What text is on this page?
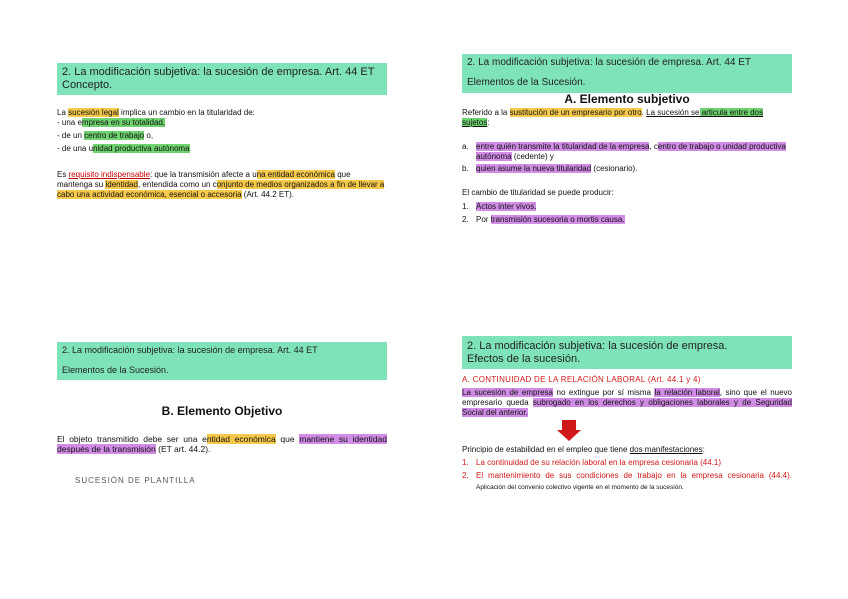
2. La modificación subjetiva: la sucesión de empresa. Art. 44 ET
Concepto.

La sucesión legal implica un cambio en la titularidad de:

- una empresa en su totalidad,

- de un centro de trabajo o,

- de una unidad productiva autónoma

Es requisito indispensable: que la transmisión afecte a una entidad económica que mantenga su identidad, entendida como un conjunto de medios organizados a fin de llevar a cabo una actividad económica, esencial o accesoria (Art. 44.2 ET).

2. La modificación subjetiva: la sucesión de empresa. Art. 44 ET
Elementos de la Sucesión.
A. Elemento subjetivo

Referido a la sustitución de un empresario por otro. La sucesión se articula entre dos sujetos:

a. entre quién transmite la titularidad de la empresa, centro de trabajo o unidad productiva autónoma (cedente) y

b. quien asume la nueva titularidad (cesionario).

El cambio de titularidad se puede producir:

1. Actos inter vivos.

2. Por transmisión sucesoria o mortis causa.

2. La modificación subjetiva: la sucesión de empresa. Art. 44 ET
Elementos de la Sucesión.
B. Elemento Objetivo

El objeto transmitido debe ser una entidad económica que mantiene su identidad después de la transmisión (ET art. 44.2).

SUCESIÓN DE PLANTILLA
2. La modificación subjetiva: la sucesión de empresa.
Efectos de la sucesión.
A. CONTINUIDAD DE LA RELACIÓN LABORAL (Art. 44.1 y 4)

La sucesión de empresa no extingue por sí misma la relación laboral, sino que el nuevo empresario queda subrogado en los derechos y obligaciones laborales y de Seguridad Social del anterior.

Principio de estabilidad en el empleo que tiene dos manifestaciones:

1. La continuidad de su relación laboral en la empresa cesionaria (44.1)

2. El mantenimiento de sus condiciones de trabajo en la empresa cesionaria (44.4). Aplicación del convenio colectivo vigente en el momento de la sucesión.
